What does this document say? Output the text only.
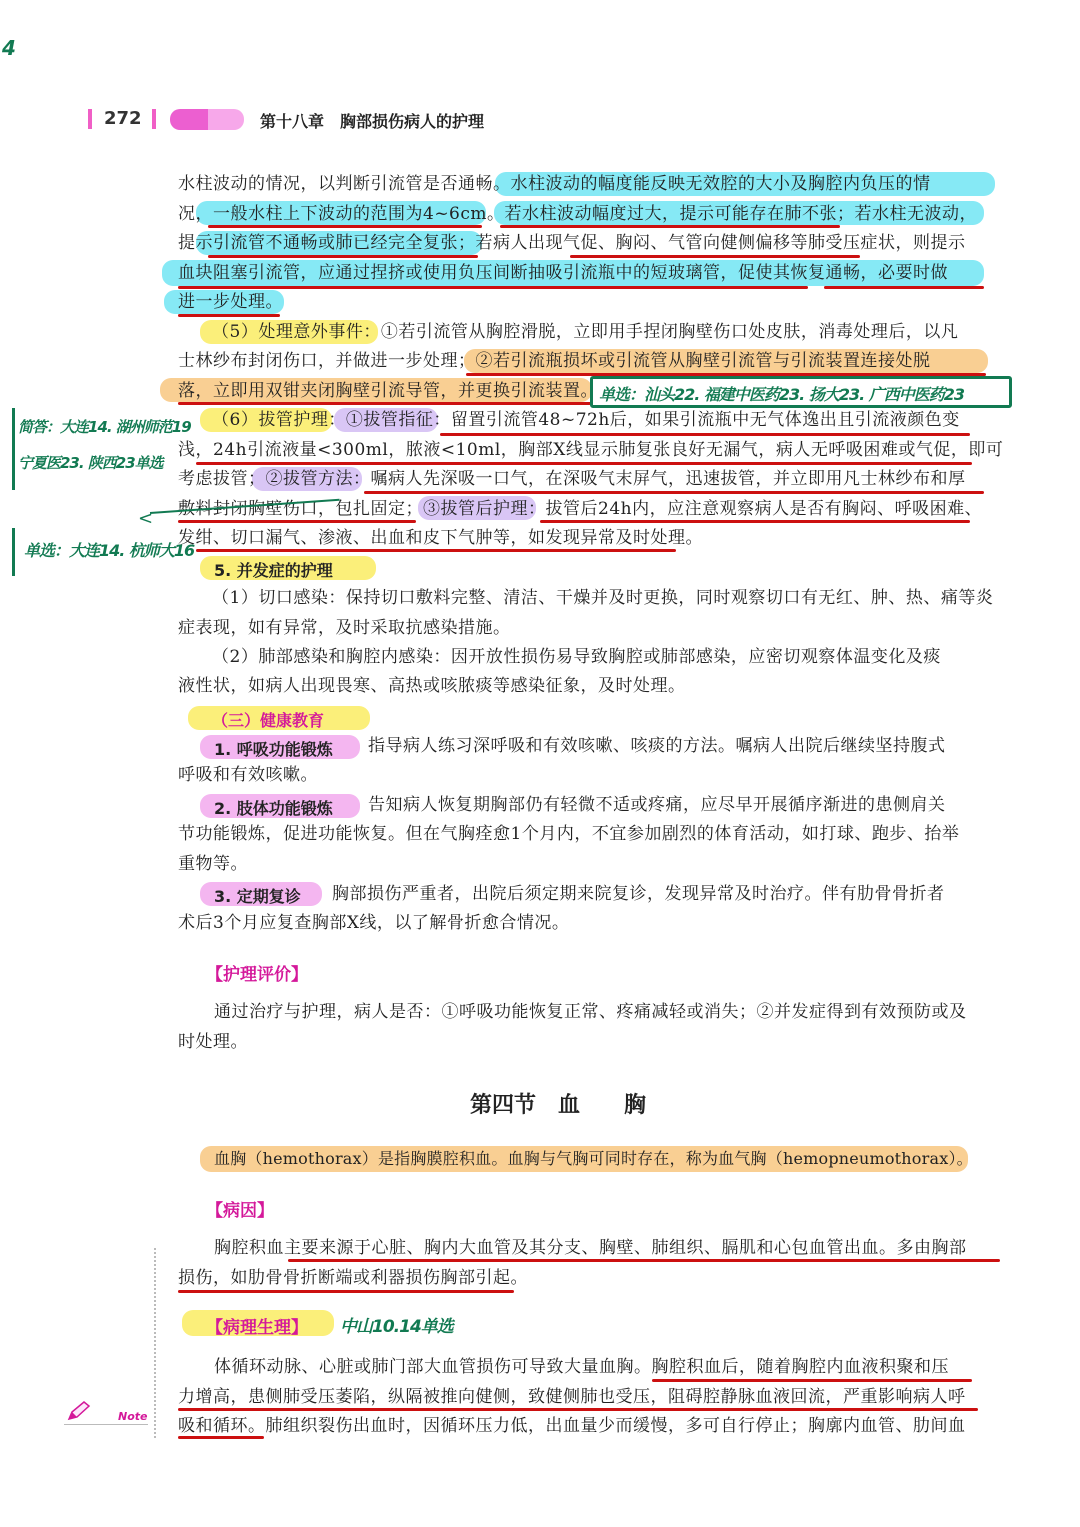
4
272	第十八章　胸部损伤病人的护理
水柱波动的情况，以判断引流管是否通畅。水柱波动的幅度能反映无效腔的大小及胸腔内负压的情
况，一般水柱上下波动的范围为4~6cm。若水柱波动幅度过大，提示可能存在肺不张；若水柱无波动，
提示引流管不通畅或肺已经完全复张；若病人出现气促、胸闷、气管向健侧偏移等肺受压症状，则提示
血块阻塞引流管，应通过捏挤或使用负压间断抽吸引流瓶中的短玻璃管，促使其恢复通畅，必要时做
进一步处理。
（5）处理意外事件：①若引流管从胸腔滑脱，立即用手捏闭胸壁伤口处皮肤，消毒处理后，以凡
士林纱布封闭伤口，并做进一步处理；②若引流瓶损坏或引流管从胸壁引流管与引流装置连接处脱
落，立即用双钳夹闭胸壁引流导管，并更换引流装置。
（6）拔管护理：①拔管指征：留置引流管48~72h后，如果引流瓶中无气体逸出且引流液颜色变
浅，24h引流液量<300ml，脓液<10ml，胸部X线显示肺复张良好无漏气，病人无呼吸困难或气促，即可
考虑拔管；②拔管方法：嘱病人先深吸一口气，在深吸气末屏气，迅速拔管，并立即用凡士林纱布和厚
敷料封闭胸壁伤口，包扎固定；③拔管后护理：拔管后24h内，应注意观察病人是否有胸闷、呼吸困难、
发绀、切口漏气、渗液、出血和皮下气肿等，如发现异常及时处理。
单选：汕头22. 福建中医药23. 扬大23. 广西中医药23
简答：大连14. 湖州师范19
宁夏医23. 陕西23单选
<
单选：大连14. 杭师大16
5. 并发症的护理
（1）切口感染：保持切口敷料完整、清洁、干燥并及时更换，同时观察切口有无红、肿、热、痛等炎
症表现，如有异常，及时采取抗感染措施。
（2）肺部感染和胸腔内感染：因开放性损伤易导致胸腔或肺部感染，应密切观察体温变化及痰
液性状，如病人出现畏寒、高热或咳脓痰等感染征象，及时处理。
（三）健康教育
1. 呼吸功能锻炼 指导病人练习深呼吸和有效咳嗽、咳痰的方法。嘱病人出院后继续坚持腹式
呼吸和有效咳嗽。
2. 肢体功能锻炼 告知病人恢复期胸部仍有轻微不适或疼痛，应尽早开展循序渐进的患侧肩关
节功能锻炼，促进功能恢复。但在气胸痊愈1个月内，不宜参加剧烈的体育活动，如打球、跑步、抬举
重物等。
3. 定期复诊 胸部损伤严重者，出院后须定期来院复诊，发现异常及时治疗。伴有肋骨骨折者
术后3个月应复查胸部X线，以了解骨折愈合情况。
【护理评价】
通过治疗与护理，病人是否：①呼吸功能恢复正常、疼痛减轻或消失；②并发症得到有效预防或及
时处理。
第四节　血　　胸
血胸（hemothorax）是指胸膜腔积血。血胸与气胸可同时存在，称为血气胸（hemopneumothorax）。
【病因】
胸腔积血主要来源于心脏、胸内大血管及其分支、胸壁、肺组织、膈肌和心包血管出血。多由胸部
损伤，如肋骨骨折断端或利器损伤胸部引起。
【病理生理】 中山10.14单选
体循环动脉、心脏或肺门部大血管损伤可导致大量血胸。胸腔积血后，随着胸腔内血液积聚和压
力增高，患侧肺受压萎陷，纵隔被推向健侧，致健侧肺也受压，阻碍腔静脉血液回流，严重影响病人呼
吸和循环。肺组织裂伤出血时，因循环压力低，出血量少而缓慢，多可自行停止；胸廓内血管、肋间血
Note
